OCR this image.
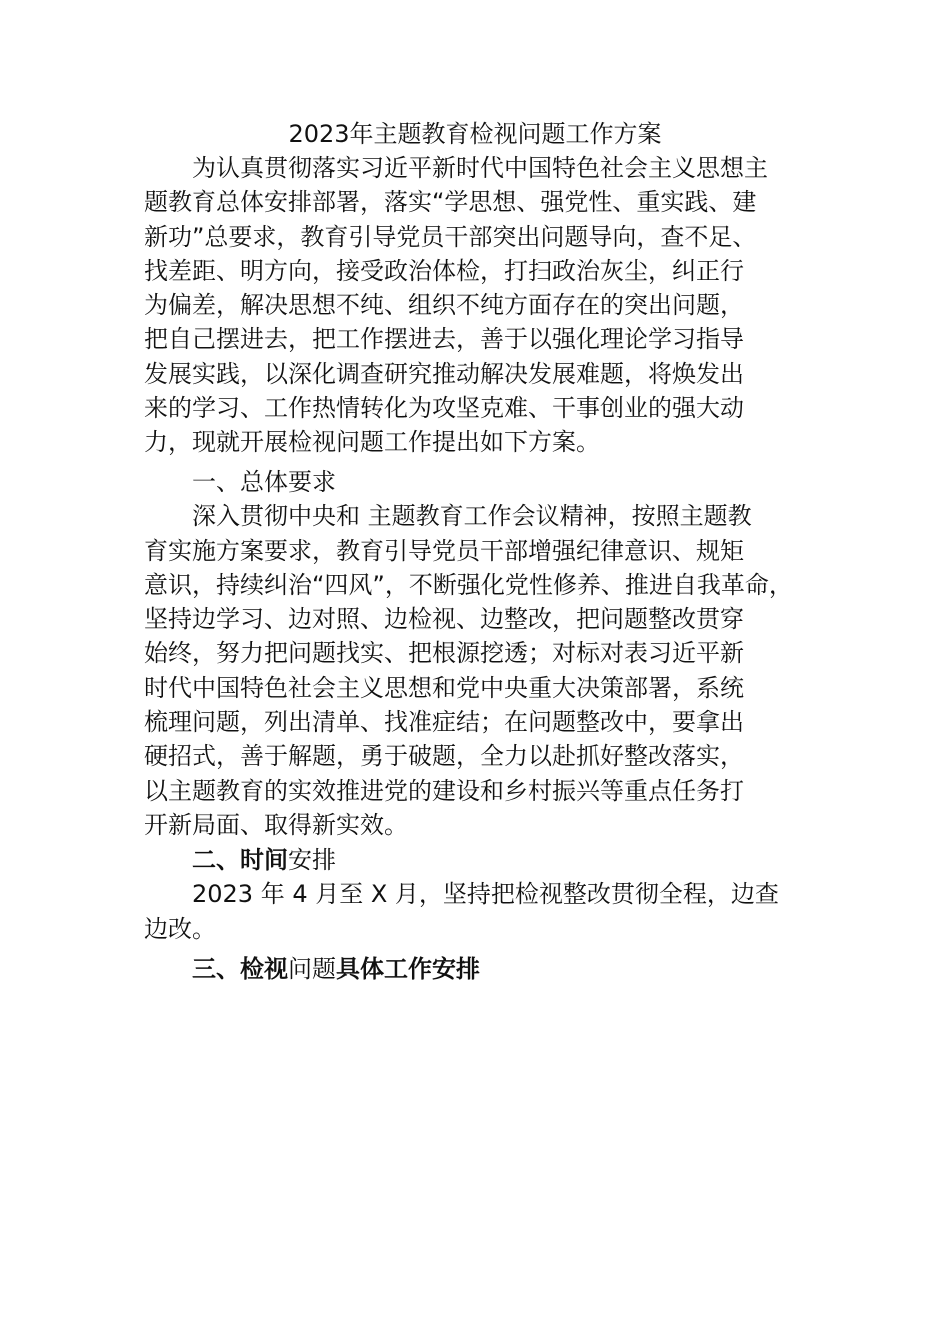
2023年主题教育检视问题工作方案
为认真贯彻落实习近平新时代中国特色社会主义思想主
题教育总体安排部署，落实“学思想、强党性、重实践、建
新功”总要求，教育引导党员干部突出问题导向，查不足、
找差距、明方向，接受政治体检，打扫政治灰尘，纠正行
为偏差，解决思想不纯、组织不纯方面存在的突出问题，
把自己摆进去，把工作摆进去，善于以强化理论学习指导
发展实践，以深化调查研究推动解决发展难题，将焕发出
来的学习、工作热情转化为攻坚克难、干事创业的强大动
力，现就开展检视问题工作提出如下方案。
一、总体要求
深入贯彻中央和 主题教育工作会议精神，按照主题教
育实施方案要求，教育引导党员干部增强纪律意识、规矩
意识，持续纠治“四风”，不断强化党性修养、推进自我革命，
坚持边学习、边对照、边检视、边整改，把问题整改贯穿
始终，努力把问题找实、把根源挖透；对标对表习近平新
时代中国特色社会主义思想和党中央重大决策部署，系统
梳理问题，列出清单、找准症结；在问题整改中，要拿出
硬招式，善于解题，勇于破题，全力以赴抓好整改落实，
以主题教育的实效推进党的建设和乡村振兴等重点任务打
开新局面、取得新实效。
二、时间安排
2023 年 4 月至 X 月，坚持把检视整改贯彻全程，边查
边改。
三、检视问题具体工作安排
